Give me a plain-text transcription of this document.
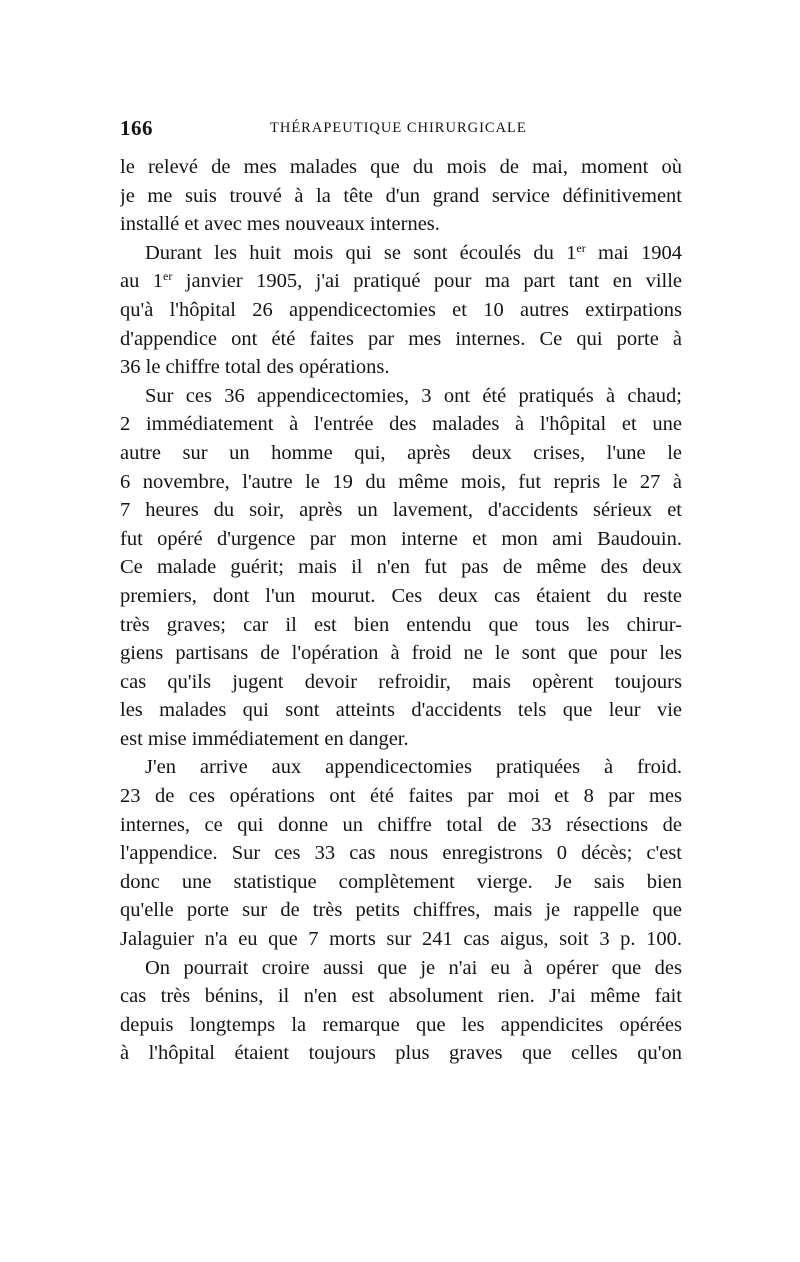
166	THÉRAPEUTIQUE CHIRURGICALE
le relevé de mes malades que du mois de mai, moment où
je me suis trouvé à la tête d'un grand service définitivement
installé et avec mes nouveaux internes.
Durant les huit mois qui se sont écoulés du 1er mai 1904
au 1er janvier 1905, j'ai pratiqué pour ma part tant en ville
qu'à l'hôpital 26 appendicectomies et 10 autres extirpations
d'appendice ont été faites par mes internes. Ce qui porte à
36 le chiffre total des opérations.
Sur ces 36 appendicectomies, 3 ont été pratiqués à chaud;
2 immédiatement à l'entrée des malades à l'hôpital et une
autre sur un homme qui, après deux crises, l'une le
6 novembre, l'autre le 19 du même mois, fut repris le 27 à
7 heures du soir, après un lavement, d'accidents sérieux et
fut opéré d'urgence par mon interne et mon ami Baudouin.
Ce malade guérit; mais il n'en fut pas de même des deux
premiers, dont l'un mourut. Ces deux cas étaient du reste
très graves; car il est bien entendu que tous les chirur-
giens partisans de l'opération à froid ne le sont que pour les
cas qu'ils jugent devoir refroidir, mais opèrent toujours
les malades qui sont atteints d'accidents tels que leur vie
est mise immédiatement en danger.
J'en arrive aux appendicectomies pratiquées à froid.
23 de ces opérations ont été faites par moi et 8 par mes
internes, ce qui donne un chiffre total de 33 résections de
l'appendice. Sur ces 33 cas nous enregistrons 0 décès; c'est
donc une statistique complètement vierge. Je sais bien
qu'elle porte sur de très petits chiffres, mais je rappelle que
Jalaguier n'a eu que 7 morts sur 241 cas aigus, soit 3 p. 100.
On pourrait croire aussi que je n'ai eu à opérer que des
cas très bénins, il n'en est absolument rien. J'ai même fait
depuis longtemps la remarque que les appendicites opérées
à l'hôpital étaient toujours plus graves que celles qu'on
